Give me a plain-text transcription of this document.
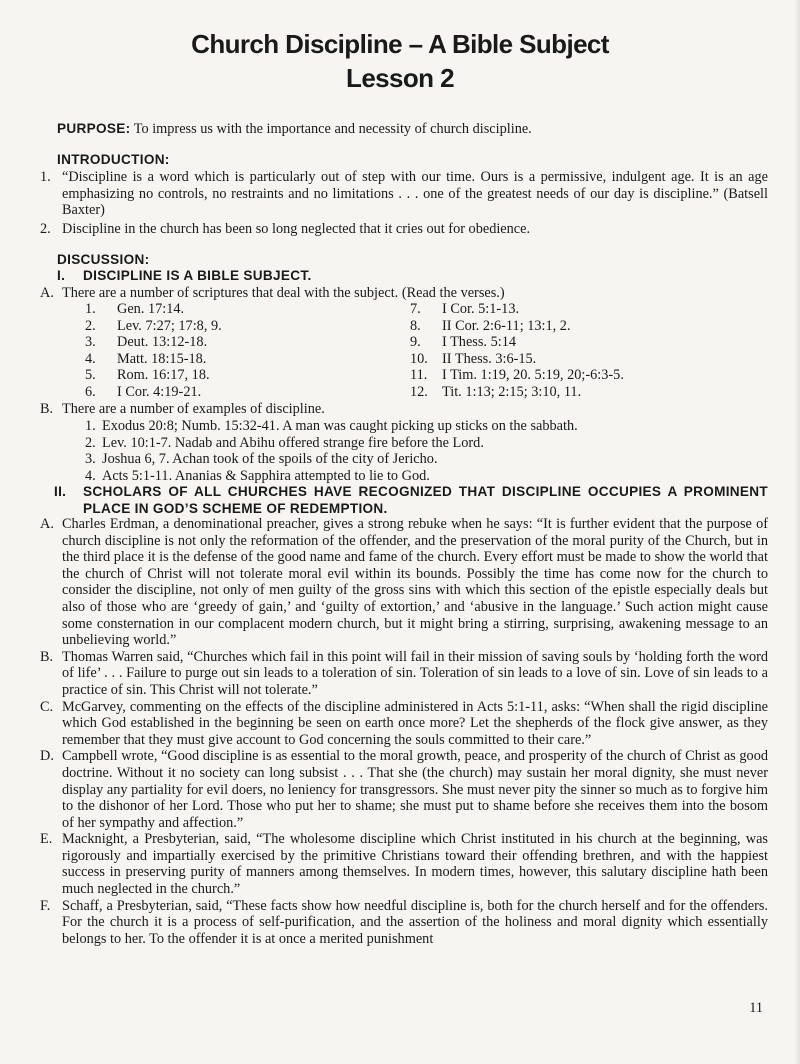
Church Discipline – A Bible Subject
Lesson 2
PURPOSE: To impress us with the importance and necessity of church discipline.
INTRODUCTION:
1. “Discipline is a word which is particularly out of step with our time. Ours is a permissive, indulgent age. It is an age emphasizing no controls, no restraints and no limitations . . . one of the greatest needs of our day is discipline.” (Batsell Baxter)
2. Discipline in the church has been so long neglected that it cries out for obedience.
DISCUSSION:
I. DISCIPLINE IS A BIBLE SUBJECT.
A. There are a number of scriptures that deal with the subject. (Read the verses.)
1.	Gen. 17:14.
2.	Lev. 7:27; 17:8, 9.
3.	Deut. 13:12-18.
4.	Matt. 18:15-18.
5.	Rom. 16:17, 18.
6.	I Cor. 4:19-21.
7.	I Cor. 5:1-13.
8.	II Cor. 2:6-11; 13:1, 2.
9.	I Thess. 5:14
10. II Thess. 3:6-15.
11.	I Tim. 1:19, 20. 5:19, 20;-6:3-5.
12. Tit. 1:13; 2:15; 3:10, 11.
B. There are a number of examples of discipline.
1. Exodus 20:8; Numb. 15:32-41. A man was caught picking up sticks on the sabbath.
2. Lev. 10:1-7. Nadab and Abihu offered strange fire before the Lord.
3. Joshua 6, 7. Achan took of the spoils of the city of Jericho.
4. Acts 5:1-11. Ananias & Sapphira attempted to lie to God.
II. SCHOLARS OF ALL CHURCHES HAVE RECOGNIZED THAT DISCIPLINE OCCUPIES A PROMINENT PLACE IN GOD’S SCHEME OF REDEMPTION.
A. Charles Erdman, a denominational preacher, gives a strong rebuke when he says: “It is further evident that the purpose of church discipline is not only the reformation of the offender, and the preservation of the moral purity of the Church, but in the third place it is the defense of the good name and fame of the church. Every effort must be made to show the world that the church of Christ will not tolerate moral evil within its bounds. Possibly the time has come now for the church to consider the discipline, not only of men guilty of the gross sins with which this section of the epistle especially deals but also of those who are ‘greedy of gain,’ and ‘guilty of extortion,’ and ‘abusive in the language.’ Such action might cause some consternation in our complacent modern church, but it might bring a stirring, surprising, awakening message to an unbelieving world.”
B. Thomas Warren said, “Churches which fail in this point will fail in their mission of saving souls by ‘holding forth the word of life’ . . . Failure to purge out sin leads to a toleration of sin. Toleration of sin leads to a love of sin. Love of sin leads to a practice of sin. This Christ will not tolerate.”
C. McGarvey, commenting on the effects of the discipline administered in Acts 5:1-11, asks: “When shall the rigid discipline which God established in the beginning be seen on earth once more? Let the shepherds of the flock give answer, as they remember that they must give account to God concerning the souls committed to their care.”
D. Campbell wrote, “Good discipline is as essential to the moral growth, peace, and prosperity of the church of Christ as good doctrine. Without it no society can long subsist . . . That she (the church) may sustain her moral dignity, she must never display any partiality for evil doers, no leniency for transgressors. She must never pity the sinner so much as to forgive him to the dishonor of her Lord. Those who put her to shame; she must put to shame before she receives them into the bosom of her sympathy and affection.”
E. Macknight, a Presbyterian, said, “The wholesome discipline which Christ instituted in his church at the beginning, was rigorously and impartially exercised by the primitive Christians toward their offending brethren, and with the happiest success in preserving purity of manners among themselves. In modern times, however, this salutary discipline hath been much neglected in the church.”
F. Schaff, a Presbyterian, said, “These facts show how needful discipline is, both for the church herself and for the offenders. For the church it is a process of self-purification, and the assertion of the holiness and moral dignity which essentially belongs to her. To the offender it is at once a merited punishment
11
